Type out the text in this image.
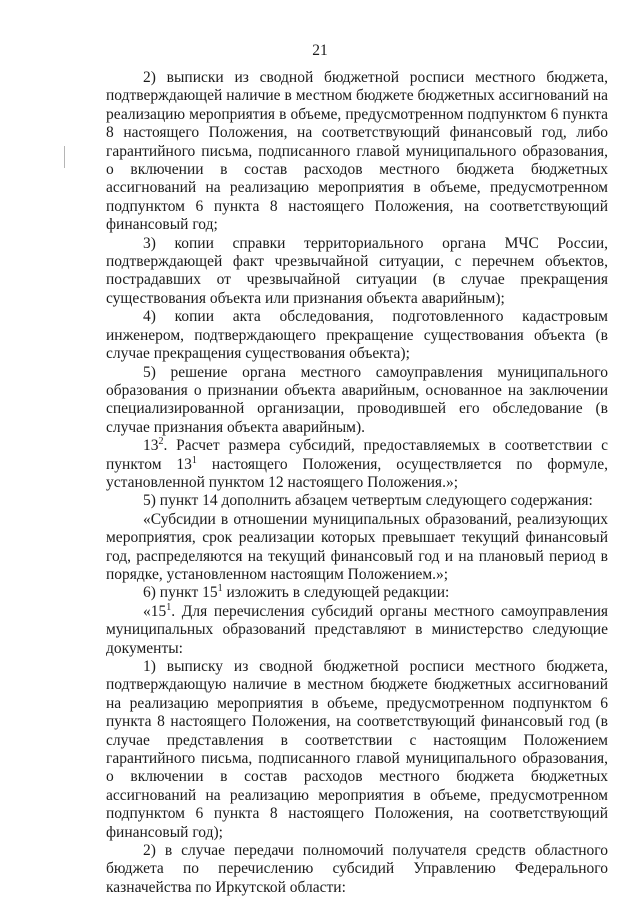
21

2) выписки из сводной бюджетной росписи местного бюджета, подтверждающей наличие в местном бюджете бюджетных ассигнований на реализацию мероприятия в объеме, предусмотренном подпунктом 6 пункта 8 настоящего Положения, на соответствующий финансовый год, либо гарантийного письма, подписанного главой муниципального образования, о включении в состав расходов местного бюджета бюджетных ассигнований на реализацию мероприятия в объеме, предусмотренном подпунктом 6 пункта 8 настоящего Положения, на соответствующий финансовый год;

3) копии справки территориального органа МЧС России, подтверждающей факт чрезвычайной ситуации, с перечнем объектов, пострадавших от чрезвычайной ситуации (в случае прекращения существования объекта или признания объекта аварийным);

4) копии акта обследования, подготовленного кадастровым инженером, подтверждающего прекращение существования объекта (в случае прекращения существования объекта);

5) решение органа местного самоуправления муниципального образования о признании объекта аварийным, основанное на заключении специализированной организации, проводившей его обследование (в случае признания объекта аварийным).

$13^2$. Расчет размера субсидий, предоставляемых в соответствии с пунктом $13^1$ настоящего Положения, осуществляется по формуле, установленной пунктом 12 настоящего Положения.»;

5) пункт 14 дополнить абзацем четвертым следующего содержания:

«Субсидии в отношении муниципальных образований, реализующих мероприятия, срок реализации которых превышает текущий финансовый год, распределяются на текущий финансовый год и на плановый период в порядке, установленном настоящим Положением.»;

6) пункт $15^1$ изложить в следующей редакции:

«$15^1$. Для перечисления субсидий органы местного самоуправления муниципальных образований представляют в министерство следующие документы:

1) выписку из сводной бюджетной росписи местного бюджета, подтверждающую наличие в местном бюджете бюджетных ассигнований на реализацию мероприятия в объеме, предусмотренном подпунктом 6 пункта 8 настоящего Положения, на соответствующий финансовый год (в случае представления в соответствии с настоящим Положением гарантийного письма, подписанного главой муниципального образования, о включении в состав расходов местного бюджета бюджетных ассигнований на реализацию мероприятия в объеме, предусмотренном подпунктом 6 пункта 8 настоящего Положения, на соответствующий финансовый год);

2) в случае передачи полномочий получателя средств областного бюджета по перечислению субсидий Управлению Федерального казначейства по Иркутской области:
